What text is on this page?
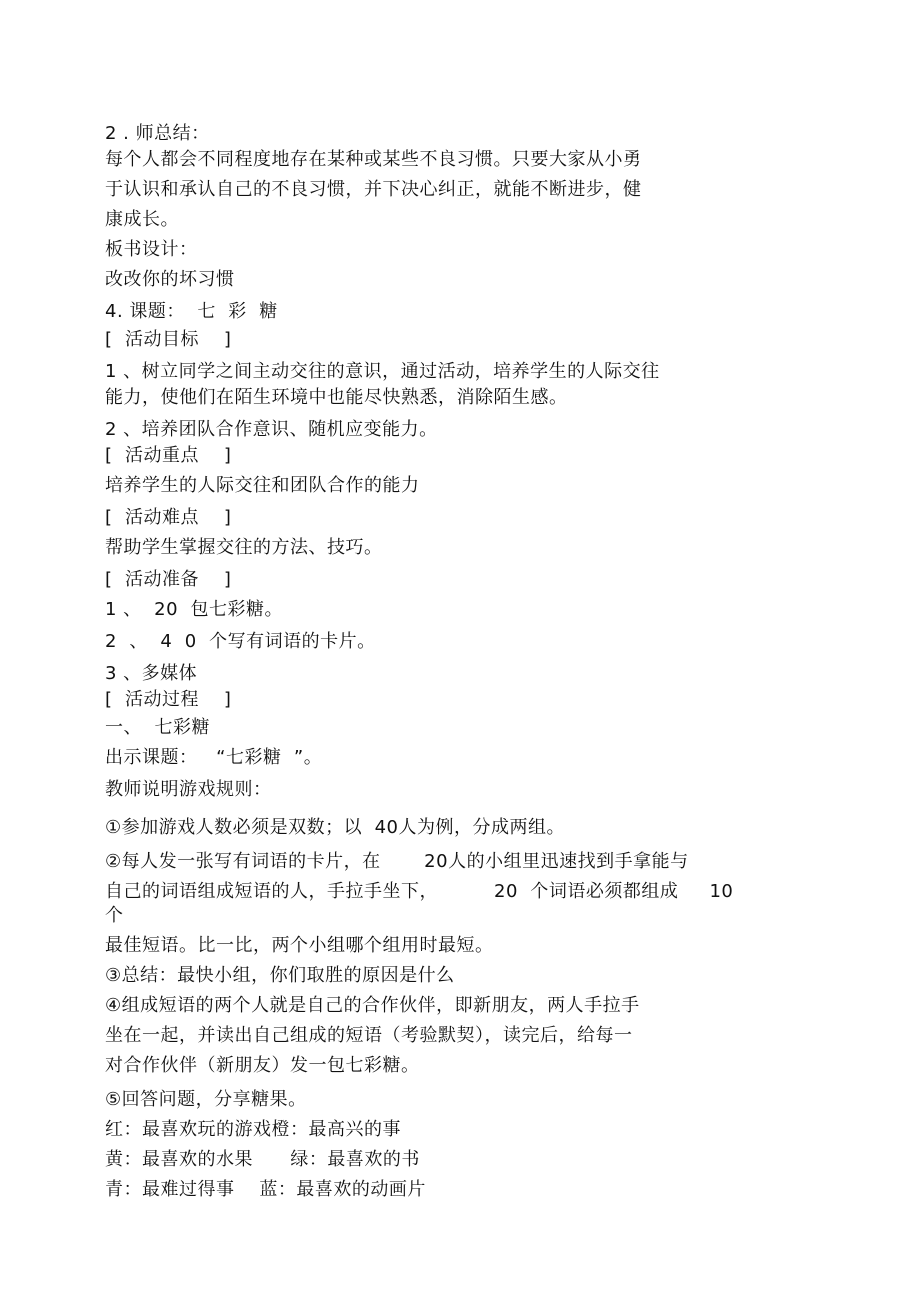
2 . 师总结：
每个人都会不同程度地存在某种或某些不良习惯。只要大家从小勇
于认识和承认自己的不良习惯，并下决心纠正，就能不断进步，健
康成长。
板书设计：
改改你的坏习惯
4. 课题：  七  彩  糖
[  活动目标    ]
1 、树立同学之间主动交往的意识，通过活动，培养学生的人际交往
能力，使他们在陌生环境中也能尽快熟悉，消除陌生感。
2 、培养团队合作意识、随机应变能力。
[  活动重点    ]
培养学生的人际交往和团队合作的能力
[  活动难点    ]
帮助学生掌握交往的方法、技巧。
[  活动准备    ]
1 、  20  包七彩糖。
2  、  4  0  个写有词语的卡片。
3 、多媒体
[  活动过程    ]
一、  七彩糖
出示课题：   “七彩糖  ”。
教师说明游戏规则：
①参加游戏人数必须是双数；以  40人为例，分成两组。
②每人发一张写有词语的卡片，在       20人的小组里迅速找到手拿能与
自己的词语组成短语的人，手拉手坐下，         20  个词语必须都组成     10
个
最佳短语。比一比，两个小组哪个组用时最短。
③总结：最快小组，你们取胜的原因是什么
④组成短语的两个人就是自己的合作伙伴，即新朋友，两人手拉手
坐在一起，并读出自己组成的短语（考验默契），读完后，给每一
对合作伙伴（新朋友）发一包七彩糖。
⑤回答问题，分享糖果。
红：最喜欢玩的游戏橙：最高兴的事
黄：最喜欢的水果      绿：最喜欢的书
青：最难过得事    蓝：最喜欢的动画片
